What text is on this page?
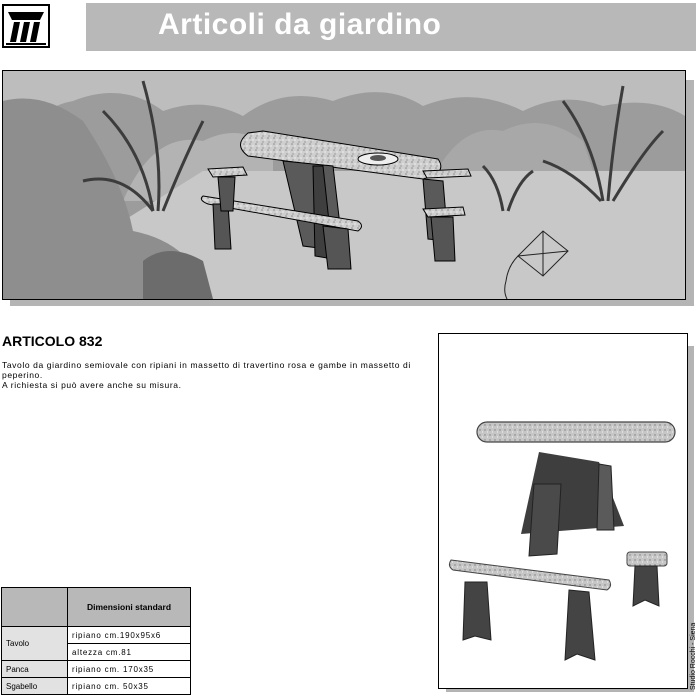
Articoli da giardino
ARTICOLO 832

Tavolo da giardino semiovale con ripiani in massetto di travertino rosa e gambe in massetto di peperino.

A richiesta si può avere anche su misura.

Studio Rocchi - Siena
	Dimensioni standard
Tavolo	ripiano cm.190x95x6
	altezza cm.81
Panca	ripiano cm. 170x35
Sgabello	ripiano cm. 50x35
